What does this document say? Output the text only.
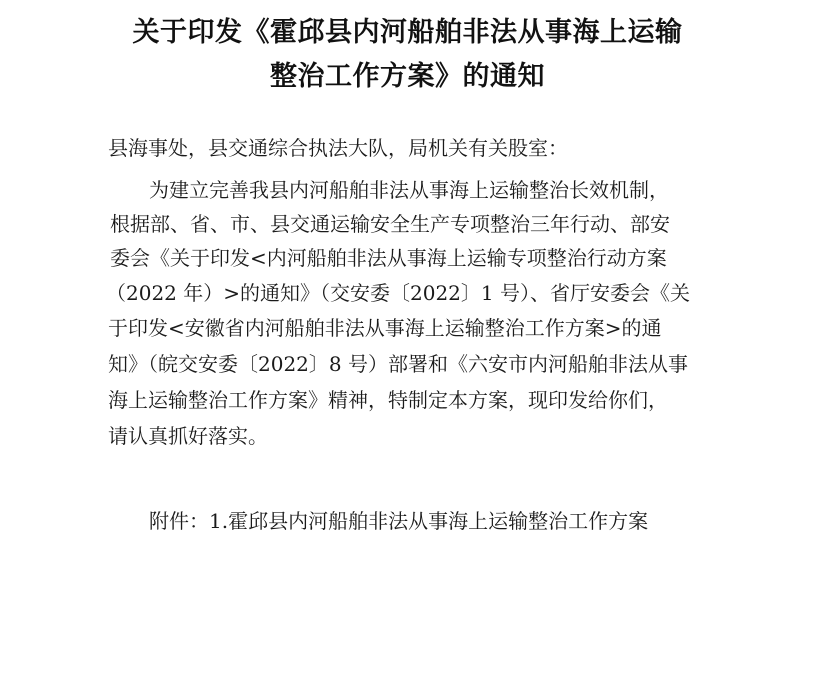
关于印发《霍邱县内河船舶非法从事海上运输
整治工作方案》的通知
县海事处，县交通综合执法大队，局机关有关股室：
为建立完善我县内河船舶非法从事海上运输整治长效机制，
根据部、省、市、县交通运输安全生产专项整治三年行动、部安
委会《关于印发<内河船舶非法从事海上运输专项整治行动方案
（2022 年）>的通知》（交安委〔2022〕1 号）、省厅安委会《关
于印发<安徽省内河船舶非法从事海上运输整治工作方案>的通
知》（皖交安委〔2022〕8 号）部署和《六安市内河船舶非法从事
海上运输整治工作方案》精神，特制定本方案，现印发给你们，
请认真抓好落实。
附件：1.霍邱县内河船舶非法从事海上运输整治工作方案
